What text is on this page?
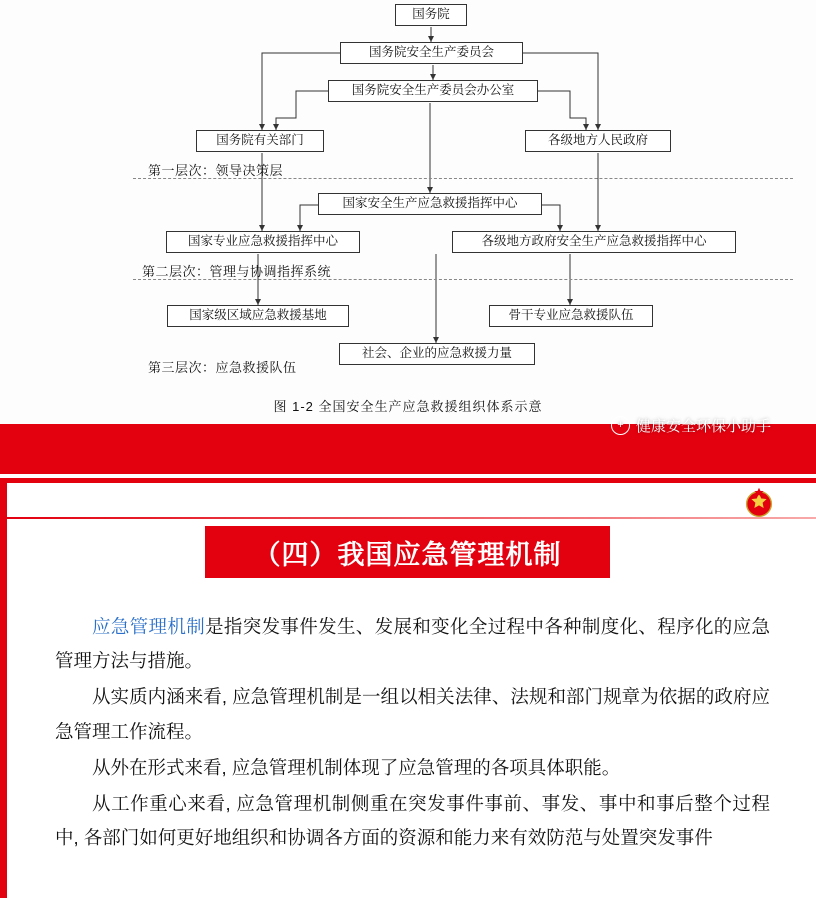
国务院
国务院安全生产委员会
国务院安全生产委员会办公室
国务院有关部门	各级地方人民政府
国家安全生产应急救援指挥中心
国家专业应急救援指挥中心	各级地方政府安全生产应急救援指挥中心
国家级区域应急救援基地	骨干专业应急救援队伍
社会、企业的应急救援力量
第一层次：领导决策层
第二层次：管理与协调指挥系统
第三层次：应急救援队伍
图 1-2 全国安全生产应急救援组织体系示意
+ 健康安全环保小助手
（四）我国应急管理机制

应急管理机制是指突发事件发生、发展和变化全过程中各种制度化、程序化的应急管理方法与措施。

从实质内涵来看, 应急管理机制是一组以相关法律、法规和部门规章为依据的政府应急管理工作流程。

从外在形式来看, 应急管理机制体现了应急管理的各项具体职能。

从工作重心来看, 应急管理机制侧重在突发事件事前、事发、事中和事后整个过程中, 各部门如何更好地组织和协调各方面的资源和能力来有效防范与处置突发事件
